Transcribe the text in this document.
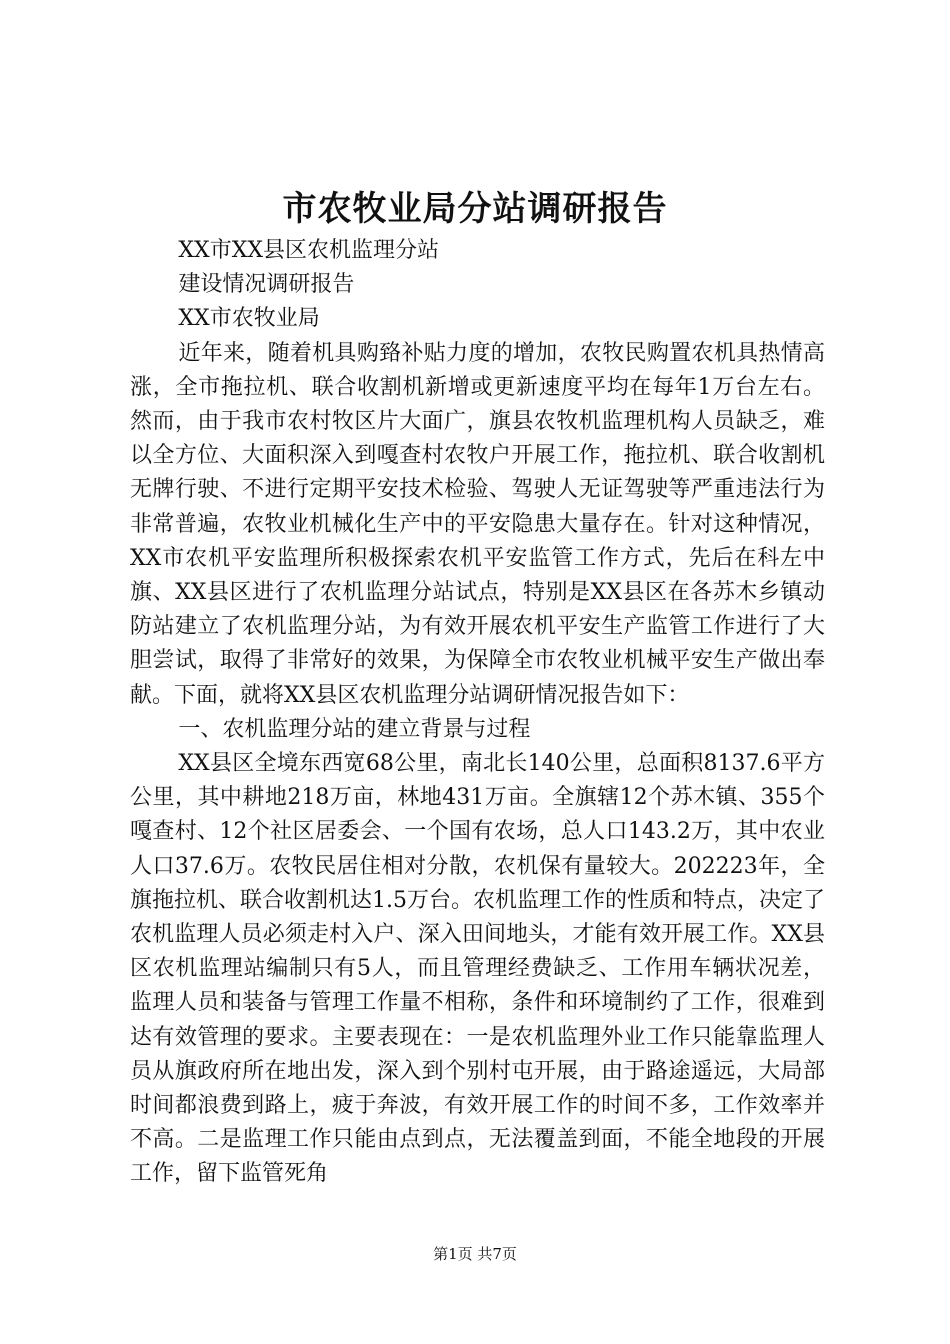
市农牧业局分站调研报告

XX市XX县区农机监理分站

建设情况调研报告

XX市农牧业局

近年来，随着机具购臵补贴力度的增加，农牧民购置农机具热情高涨，全市拖拉机、联合收割机新增或更新速度平均在每年1万台左右。然而，由于我市农村牧区片大面广，旗县农牧机监理机构人员缺乏，难以全方位、大面积深入到嘎查村农牧户开展工作，拖拉机、联合收割机无牌行驶、不进行定期平安技术检验、驾驶人无证驾驶等严重违法行为非常普遍，农牧业机械化生产中的平安隐患大量存在。针对这种情况，XX市农机平安监理所积极探索农机平安监管工作方式，先后在科左中旗、XX县区进行了农机监理分站试点，特别是XX县区在各苏木乡镇动防站建立了农机监理分站，为有效开展农机平安生产监管工作进行了大胆尝试，取得了非常好的效果，为保障全市农牧业机械平安生产做出奉献。下面，就将XX县区农机监理分站调研情况报告如下：

一、农机监理分站的建立背景与过程

XX县区全境东西宽68公里，南北长140公里，总面积8137.6平方公里，其中耕地218万亩，林地431万亩。全旗辖12个苏木镇、355个嘎查村、12个社区居委会、一个国有农场，总人口143.2万，其中农业人口37.6万。农牧民居住相对分散，农机保有量较大。202223年，全旗拖拉机、联合收割机达1.5万台。农机监理工作的性质和特点，决定了农机监理人员必须走村入户、深入田间地头，才能有效开展工作。XX县区农机监理站编制只有5人，而且管理经费缺乏、工作用车辆状况差，监理人员和装备与管理工作量不相称，条件和环境制约了工作，很难到达有效管理的要求。主要表现在：一是农机监理外业工作只能靠监理人员从旗政府所在地出发，深入到个别村屯开展，由于路途遥远，大局部时间都浪费到路上，疲于奔波，有效开展工作的时间不多，工作效率并不高。二是监理工作只能由点到点，无法覆盖到面，不能全地段的开展工作，留下监管死角

第1页 共7页
